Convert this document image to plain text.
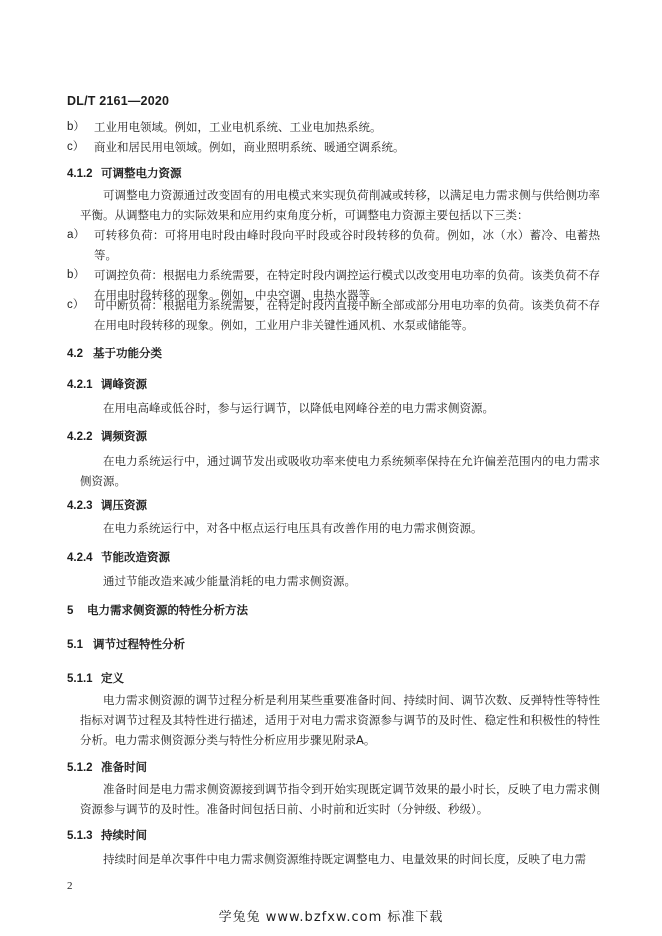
DL/T 2161—2020
b） 工业用电领域。例如，工业电机系统、工业电加热系统。
c） 商业和居民用电领域。例如，商业照明系统、暖通空调系统。
4.1.2 可调整电力资源
可调整电力资源通过改变固有的用电模式来实现负荷削减或转移，以满足电力需求侧与供给侧功率平衡。从调整电力的实际效果和应用约束角度分析，可调整电力资源主要包括以下三类：
a） 可转移负荷：可将用电时段由峰时段向平时段或谷时段转移的负荷。例如，冰（水）蓄冷、电蓄热等。
b） 可调控负荷：根据电力系统需要，在特定时段内调控运行模式以改变用电功率的负荷。该类负荷不存在用电时段转移的现象。例如，中央空调、电热水器等。
c） 可中断负荷：根据电力系统需要，在特定时段内直接中断全部或部分用电功率的负荷。该类负荷不存在用电时段转移的现象。例如，工业用户非关键性通风机、水泵或储能等。
4.2 基于功能分类
4.2.1 调峰资源
在用电高峰或低谷时，参与运行调节，以降低电网峰谷差的电力需求侧资源。
4.2.2 调频资源
在电力系统运行中，通过调节发出或吸收功率来使电力系统频率保持在允许偏差范围内的电力需求侧资源。
4.2.3 调压资源
在电力系统运行中，对各中枢点运行电压具有改善作用的电力需求侧资源。
4.2.4 节能改造资源
通过节能改造来减少能量消耗的电力需求侧资源。
5 电力需求侧资源的特性分析方法
5.1 调节过程特性分析
5.1.1 定义
电力需求侧资源的调节过程分析是利用某些重要准备时间、持续时间、调节次数、反弹特性等特性指标对调节过程及其特性进行描述，适用于对电力需求资源参与调节的及时性、稳定性和积极性的特性分析。电力需求侧资源分类与特性分析应用步骤见附录A。
5.1.2 准备时间
准备时间是电力需求侧资源接到调节指令到开始实现既定调节效果的最小时长，反映了电力需求侧资源参与调节的及时性。准备时间包括日前、小时前和近实时（分钟级、秒级）。
5.1.3 持续时间
持续时间是单次事件中电力需求侧资源维持既定调整电力、电量效果的时间长度，反映了电力需
2
学兔兔 www.bzfxw.com 标准下载
